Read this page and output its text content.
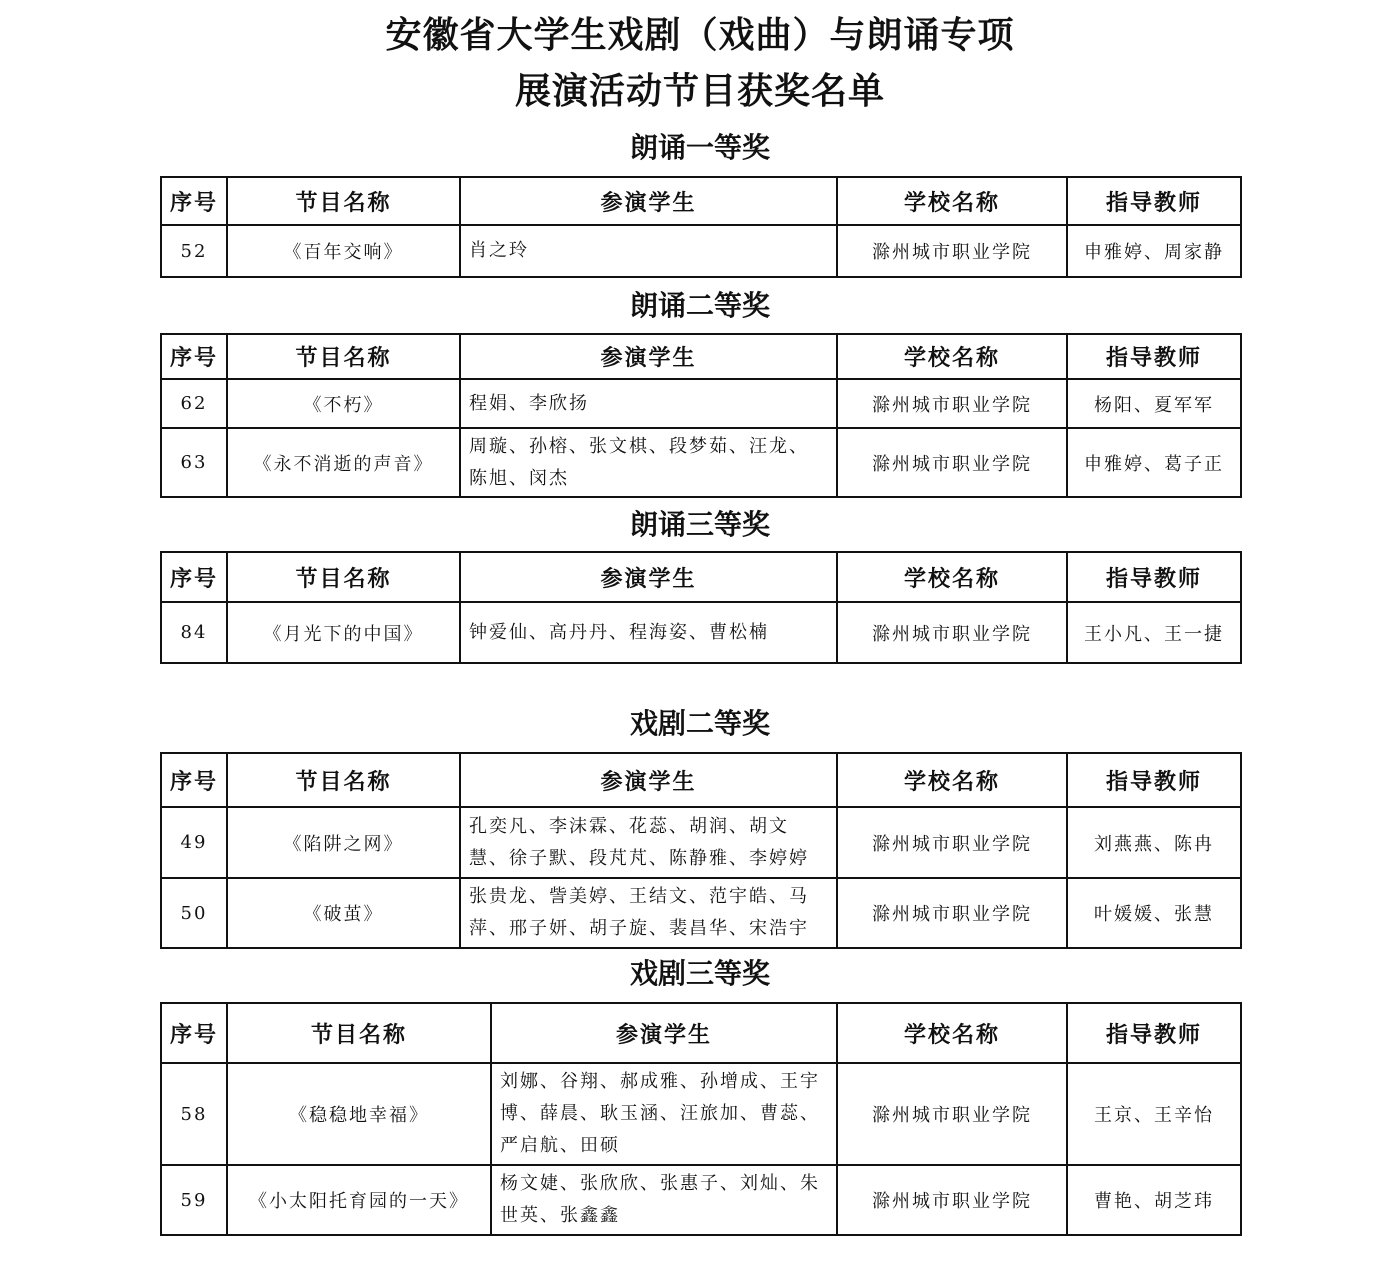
安徽省大学生戏剧（戏曲）与朗诵专项
展演活动节目获奖名单
朗诵一等奖
序号	节目名称	参演学生	学校名称	指导教师
52	《百年交响》	肖之玲	滁州城市职业学院	申雅婷、周家静
朗诵二等奖
序号	节目名称	参演学生	学校名称	指导教师
62	《不朽》	程娟、李欣扬	滁州城市职业学院	杨阳、夏军军
63	《永不消逝的声音》	周璇、孙榕、张文棋、段梦茹、汪龙、陈旭、闵杰	滁州城市职业学院	申雅婷、葛子正
朗诵三等奖
序号	节目名称	参演学生	学校名称	指导教师
84	《月光下的中国》	钟爱仙、高丹丹、程海姿、曹松楠	滁州城市职业学院	王小凡、王一捷
戏剧二等奖
序号	节目名称	参演学生	学校名称	指导教师
49	《陷阱之网》	孔奕凡、李沫霖、花蕊、胡润、胡文慧、徐子默、段芃芃、陈静雅、李婷婷	滁州城市职业学院	刘燕燕、陈冉
50	《破茧》	张贵龙、訾美婷、王结文、范宇皓、马萍、邢子妍、胡子旋、裴昌华、宋浩宇	滁州城市职业学院	叶媛媛、张慧
戏剧三等奖
序号	节目名称	参演学生	学校名称	指导教师
58	《稳稳地幸福》	刘娜、谷翔、郝成雅、孙增成、王宇博、薛晨、耿玉涵、汪旅加、曹蕊、严启航、田硕	滁州城市职业学院	王京、王辛怡
59	《小太阳托育园的一天》	杨文婕、张欣欣、张惠子、刘灿、朱世英、张鑫鑫	滁州城市职业学院	曹艳、胡芝玮
